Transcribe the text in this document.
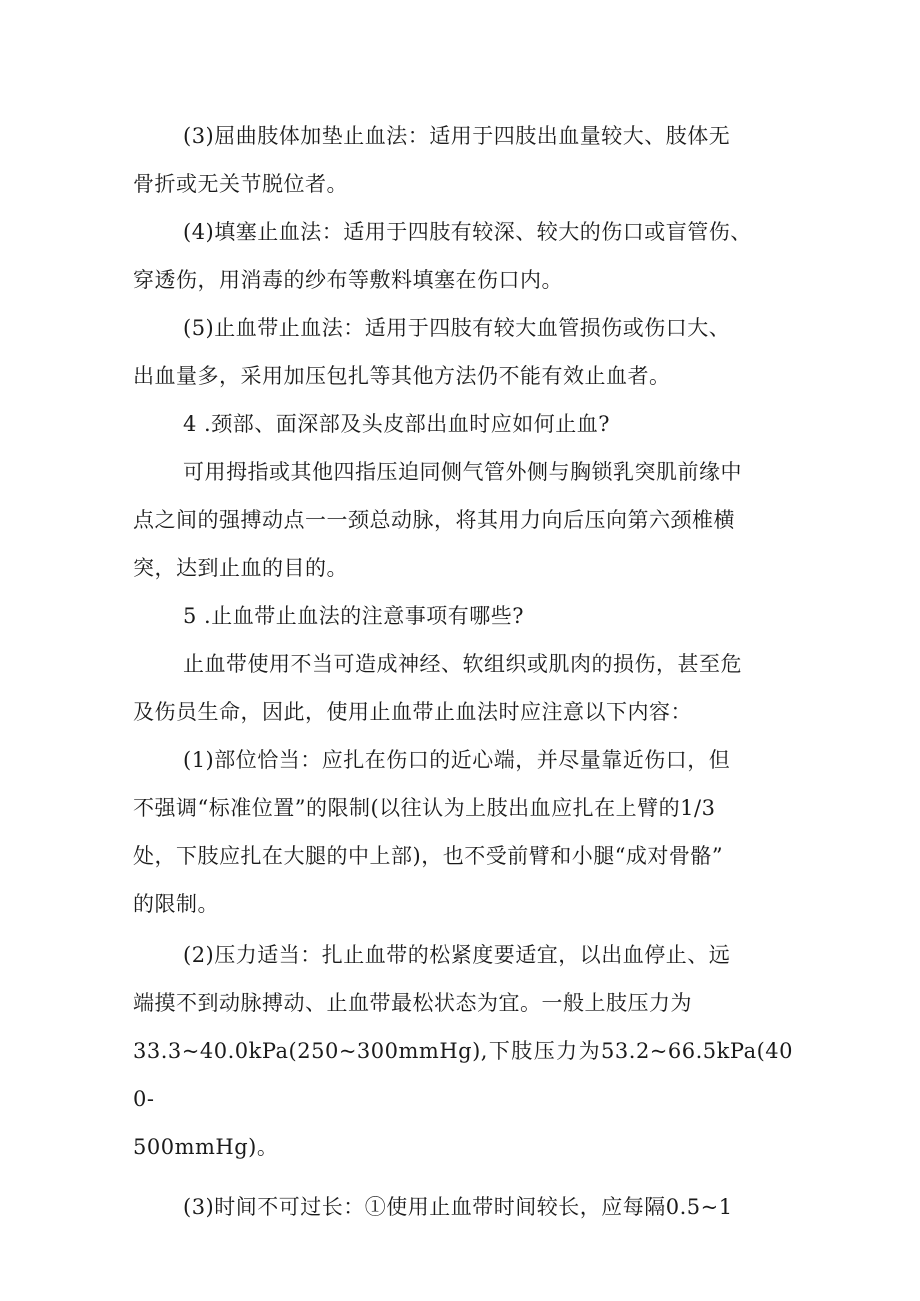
(3)屈曲肢体加垫止血法：适用于四肢出血量较大、肢体无
骨折或无关节脱位者。

(4)填塞止血法：适用于四肢有较深、较大的伤口或盲管伤、
穿透伤，用消毒的纱布等敷料填塞在伤口内。

(5)止血带止血法：适用于四肢有较大血管损伤或伤口大、
出血量多，采用加压包扎等其他方法仍不能有效止血者。

4 .颈部、面深部及头皮部出血时应如何止血?

可用拇指或其他四指压迫同侧气管外侧与胸锁乳突肌前缘中
点之间的强搏动点一一颈总动脉，将其用力向后压向第六颈椎横
突，达到止血的目的。

5 .止血带止血法的注意事项有哪些?

止血带使用不当可造成神经、软组织或肌肉的损伤，甚至危
及伤员生命，因此，使用止血带止血法时应注意以下内容：

(1)部位恰当：应扎在伤口的近心端，并尽量靠近伤口，但
不强调“标准位置”的限制(以往认为上肢出血应扎在上臂的1/3
处，下肢应扎在大腿的中上部)，也不受前臂和小腿“成对骨骼”
的限制。

(2)压力适当：扎止血带的松紧度要适宜，以出血停止、远
端摸不到动脉搏动、止血带最松状态为宜。一般上肢压力为
33.3~40.0kPa(250~300mmHg),下肢压力为53.2~66.5kPa(400-
500mmHg)。

(3)时间不可过长：①使用止血带时间较长，应每隔0.5~1
